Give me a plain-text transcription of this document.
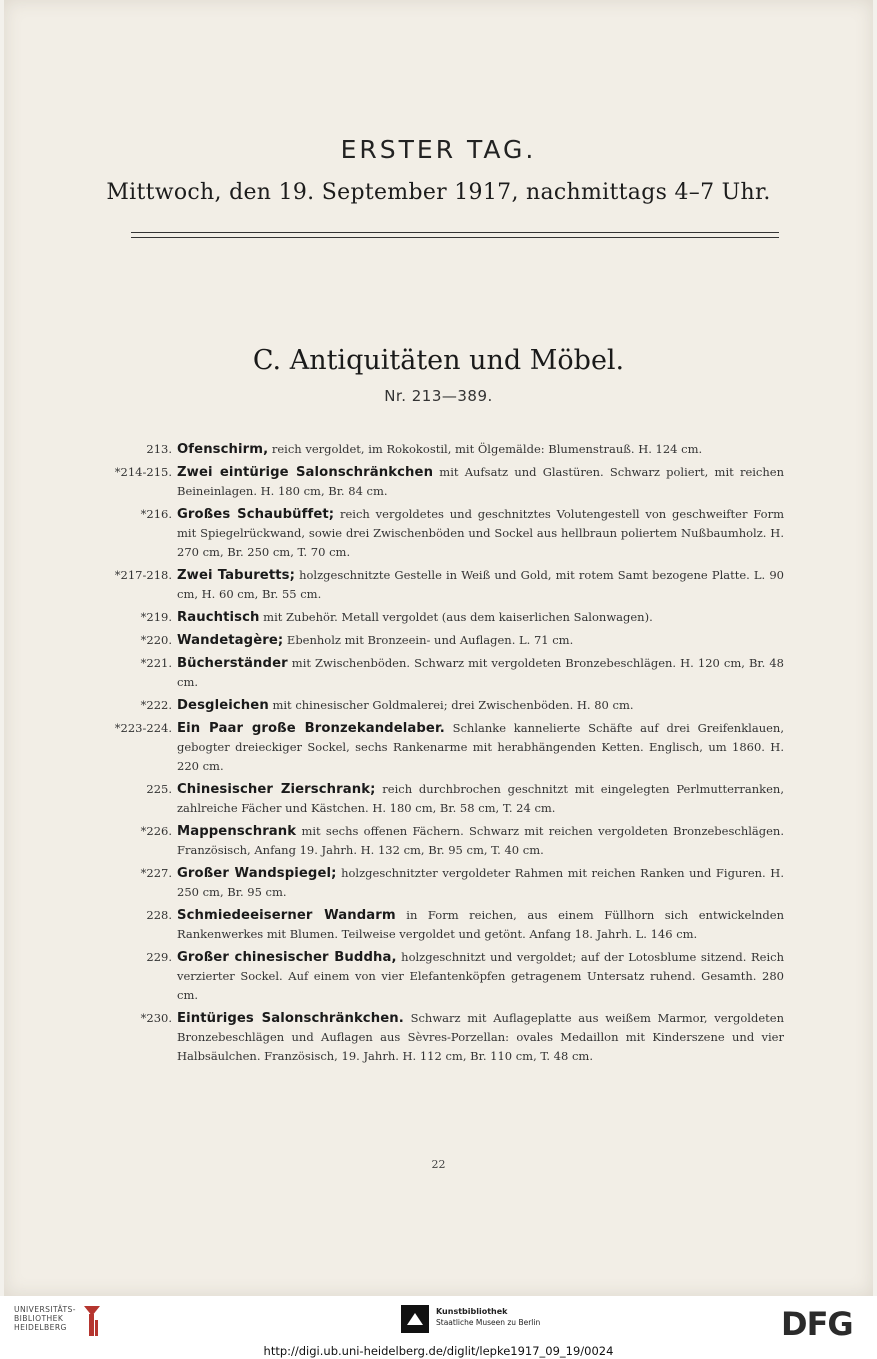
ERSTER TAG.
Mittwoch, den 19. September 1917, nachmittags 4–7 Uhr.
C. Antiquitäten und Möbel.
Nr. 213—389.
213. Ofenschirm, reich vergoldet, im Rokokostil, mit Ölgemälde: Blumenstrauß. H. 124 cm.
*214-215. Zwei eintürige Salonschränkchen mit Aufsatz und Glastüren. Schwarz poliert, mit reichen Beineinlagen. H. 180 cm, Br. 84 cm.
*216. Großes Schaubüffet; reich vergoldetes und geschnitztes Volutengestell von geschweifter Form mit Spiegelrückwand, sowie drei Zwischenböden und Sockel aus hellbraun poliertem Nußbaumholz. H. 270 cm, Br. 250 cm, T. 70 cm.
*217-218. Zwei Taburetts; holzgeschnitzte Gestelle in Weiß und Gold, mit rotem Samt bezogene Platte. L. 90 cm, H. 60 cm, Br. 55 cm.
*219. Rauchtisch mit Zubehör. Metall vergoldet (aus dem kaiserlichen Salonwagen).
*220. Wandetagère; Ebenholz mit Bronzeein- und Auflagen. L. 71 cm.
*221. Bücherständer mit Zwischenböden. Schwarz mit vergoldeten Bronzebeschlägen. H. 120 cm, Br. 48 cm.
*222. Desgleichen mit chinesischer Goldmalerei; drei Zwischenböden. H. 80 cm.
*223-224. Ein Paar große Bronzekandelaber. Schlanke kannelierte Schäfte auf drei Greifenklauen, gebogter dreieckiger Sockel, sechs Rankenarme mit herabhängenden Ketten. Englisch, um 1860. H. 220 cm.
225. Chinesischer Zierschrank; reich durchbrochen geschnitzt mit eingelegten Perlmutterranken, zahlreiche Fächer und Kästchen. H. 180 cm, Br. 58 cm, T. 24 cm.
*226. Mappenschrank mit sechs offenen Fächern. Schwarz mit reichen vergoldeten Bronzebeschlägen. Französisch, Anfang 19. Jahrh. H. 132 cm, Br. 95 cm, T. 40 cm.
*227. Großer Wandspiegel; holzgeschnitzter vergoldeter Rahmen mit reichen Ranken und Figuren. H. 250 cm, Br. 95 cm.
228. Schmiedeeiserner Wandarm in Form reichen, aus einem Füllhorn sich entwickelnden Rankenwerkes mit Blumen. Teilweise vergoldet und getönt. Anfang 18. Jahrh. L. 146 cm.
229. Großer chinesischer Buddha, holzgeschnitzt und vergoldet; auf der Lotosblume sitzend. Reich verzierter Sockel. Auf einem von vier Elefantenköpfen getragenem Untersatz ruhend. Gesamth. 280 cm.
*230. Eintüriges Salonschränkchen. Schwarz mit Auflageplatte aus weißem Marmor, vergoldeten Bronzebeschlägen und Auflagen aus Sèvres-Porzellan: ovales Medaillon mit Kinderszene und vier Halbsäulchen. Französisch, 19. Jahrh. H. 112 cm, Br. 110 cm, T. 48 cm.
22
UNIVERSITÄTS-
BIBLIOTHEK
HEIDELBERG
Kunstbibliothek
Staatliche Museen zu Berlin	DFG
http://digi.ub.uni-heidelberg.de/diglit/lepke1917_09_19/0024
